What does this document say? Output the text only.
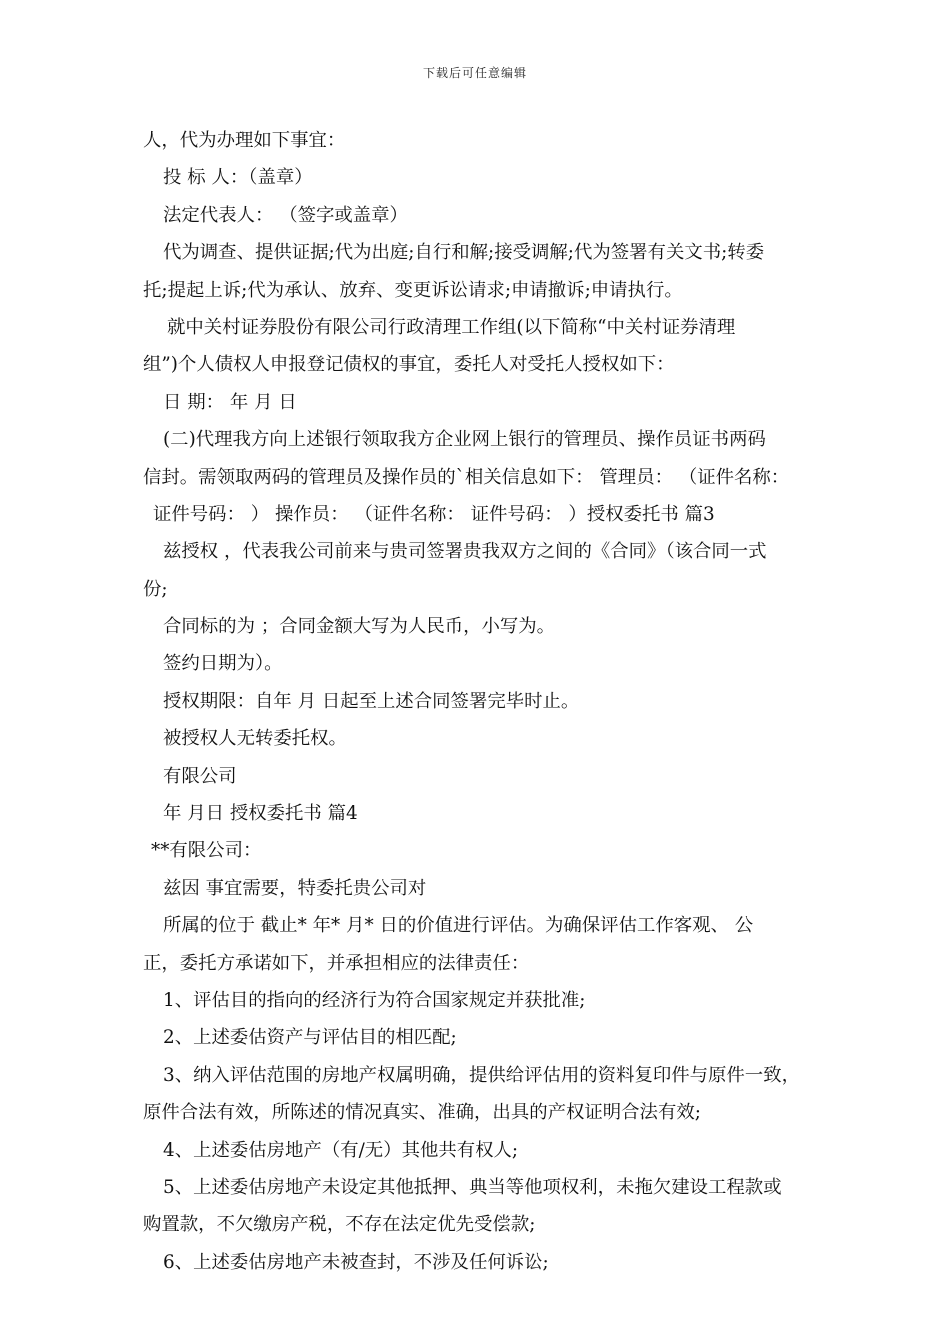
下载后可任意编辑
人，代为办理如下事宜：
投 标 人：（盖章）
法定代表人： （签字或盖章）
代为调查、提供证据;代为出庭;自行和解;接受调解;代为签署有关文书;转委
托;提起上诉;代为承认、放弃、变更诉讼请求;申请撤诉;申请执行。
就中关村证券股份有限公司行政清理工作组(以下简称“中关村证券清理
组”)个人债权人申报登记债权的事宜，委托人对受托人授权如下：
日 期： 年 月 日
(二)代理我方向上述银行领取我方企业网上银行的管理员、操作员证书两码
信封。需领取两码的管理员及操作员的`相关信息如下： 管理员： （证件名称：
证件号码： ） 操作员： （证件名称： 证件号码： ）授权委托书 篇3
兹授权 ，代表我公司前来与贵司签署贵我双方之间的《合同》（该合同一式
份;
合同标的为 ；合同金额大写为人民币，小写为。
签约日期为）。
授权期限：自年 月 日起至上述合同签署完毕时止。
被授权人无转委托权。
有限公司
年 月日 授权委托书 篇4
**有限公司：
兹因 事宜需要，特委托贵公司对
所属的位于 截止* 年* 月* 日的价值进行评估。为确保评估工作客观、 公
正，委托方承诺如下，并承担相应的法律责任：
1、评估目的指向的经济行为符合国家规定并获批准;
2、上述委估资产与评估目的相匹配;
3、纳入评估范围的房地产权属明确，提供给评估用的资料复印件与原件一致，
原件合法有效，所陈述的情况真实、准确，出具的产权证明合法有效;
4、上述委估房地产（有/无）其他共有权人;
5、上述委估房地产未设定其他抵押、典当等他项权利，未拖欠建设工程款或
购置款，不欠缴房产税，不存在法定优先受偿款;
6、上述委估房地产未被查封，不涉及任何诉讼;
